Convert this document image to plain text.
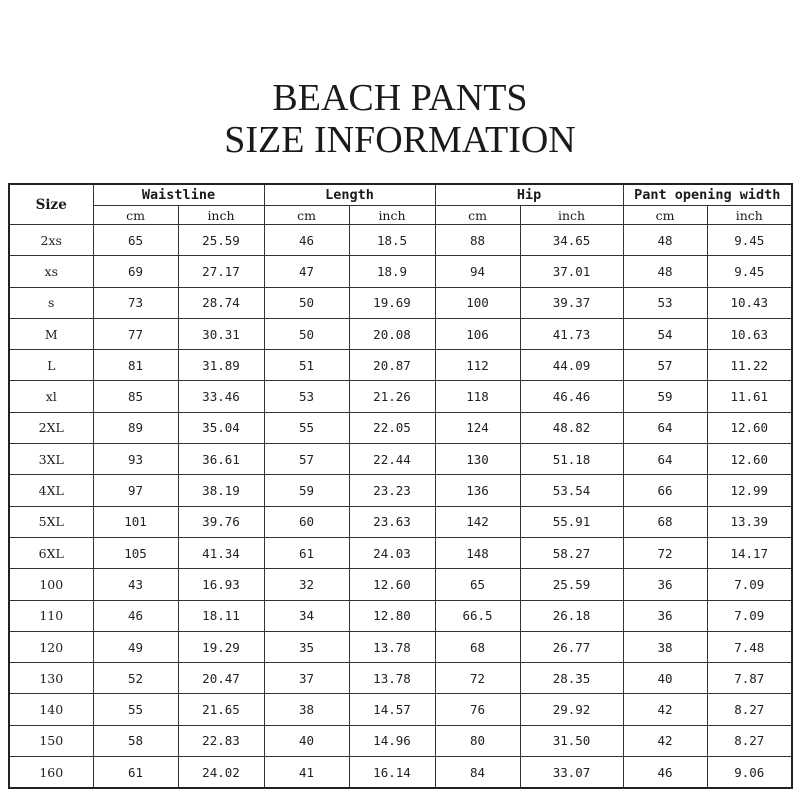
BEACH PANTS
SIZE INFORMATION
Size	Waistline		Length		Hip		Pant opening width	
	cm	inch	cm	inch	cm	inch	cm	inch
2xs	65	25.59	46	18.5	88	34.65	48	9.45
xs	69	27.17	47	18.9	94	37.01	48	9.45
s	73	28.74	50	19.69	100	39.37	53	10.43
M	77	30.31	50	20.08	106	41.73	54	10.63
L	81	31.89	51	20.87	112	44.09	57	11.22
xl	85	33.46	53	21.26	118	46.46	59	11.61
2XL	89	35.04	55	22.05	124	48.82	64	12.60
3XL	93	36.61	57	22.44	130	51.18	64	12.60
4XL	97	38.19	59	23.23	136	53.54	66	12.99
5XL	101	39.76	60	23.63	142	55.91	68	13.39
6XL	105	41.34	61	24.03	148	58.27	72	14.17
100	43	16.93	32	12.60	65	25.59	36	7.09
110	46	18.11	34	12.80	66.5	26.18	36	7.09
120	49	19.29	35	13.78	68	26.77	38	7.48
130	52	20.47	37	13.78	72	28.35	40	7.87
140	55	21.65	38	14.57	76	29.92	42	8.27
150	58	22.83	40	14.96	80	31.50	42	8.27
160	61	24.02	41	16.14	84	33.07	46	9.06
